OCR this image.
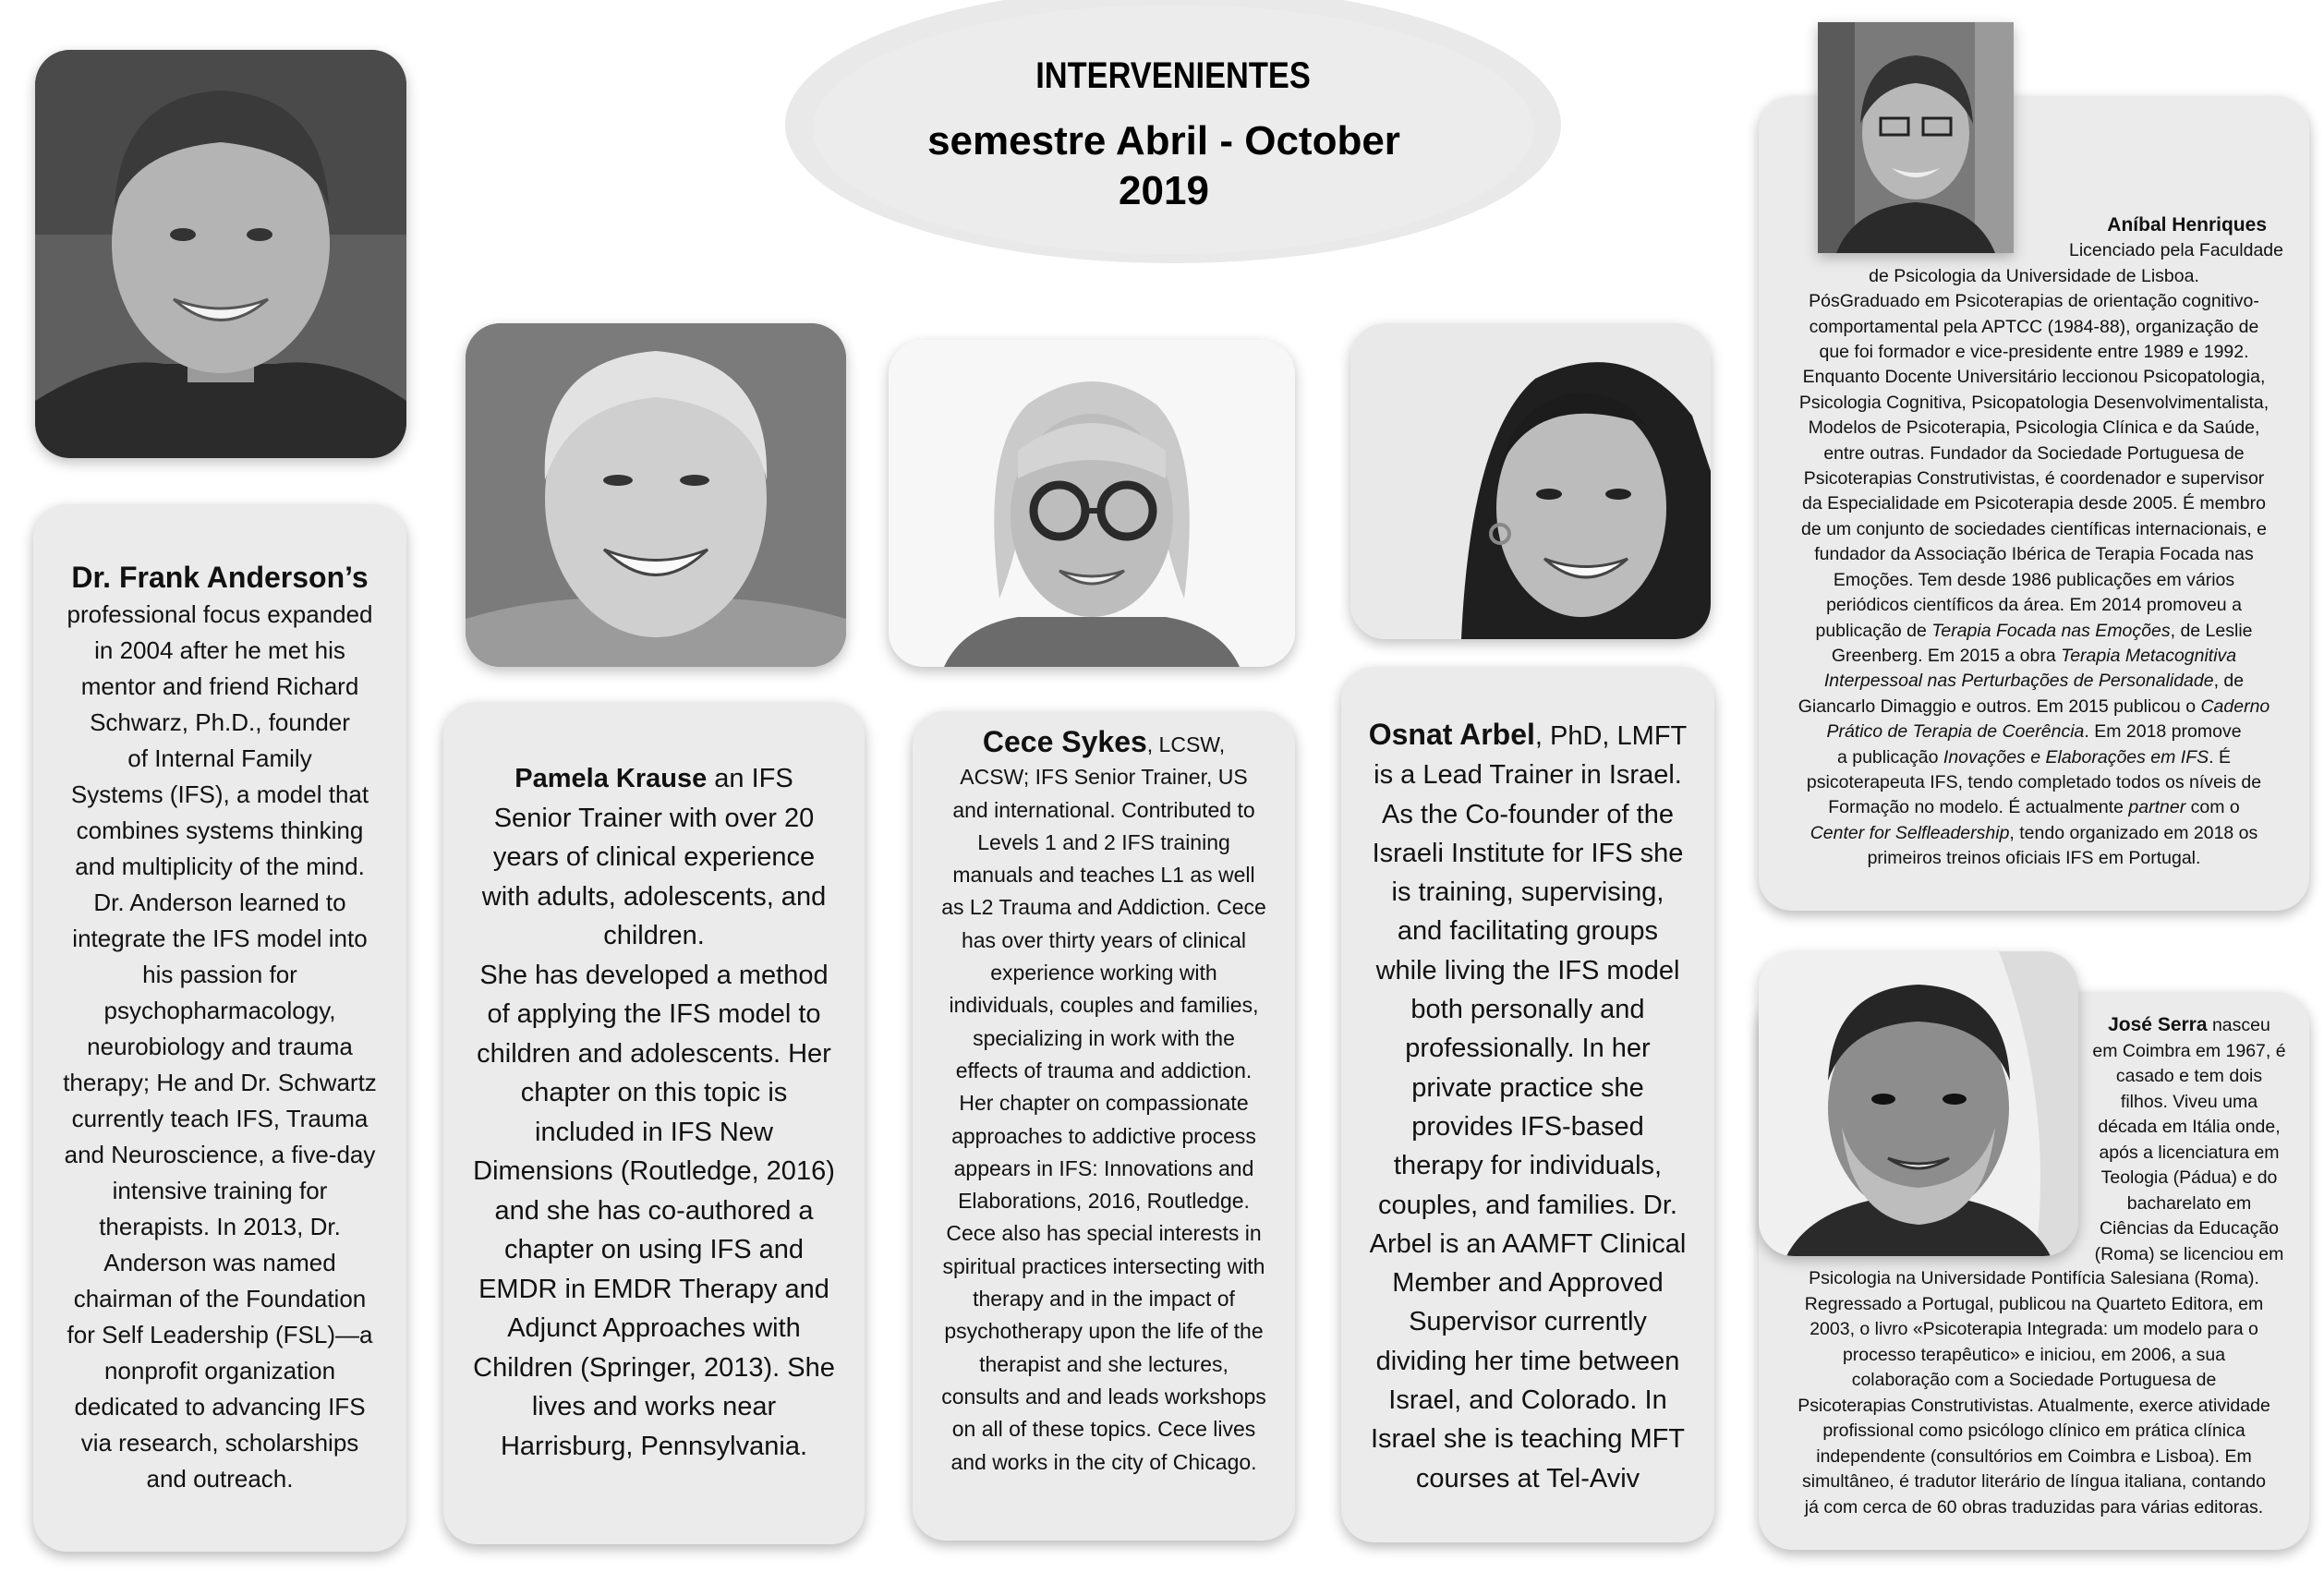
INTERVENIENTES
semestre Abril - October
2019
Dr. Frank Anderson’s

professional focus expanded

in 2004 after he met his

mentor and friend Richard

Schwarz, Ph.D., founder

of Internal Family

Systems (IFS), a model that

combines systems thinking

and multiplicity of the mind.

Dr. Anderson learned to

integrate the IFS model into

his passion for

psychopharmacology,

neurobiology and trauma

therapy; He and Dr. Schwartz

currently teach IFS, Trauma

and Neuroscience, a five-day

intensive training for

therapists. In 2013, Dr.

Anderson was named

chairman of the Foundation

for Self Leadership (FSL)—a

nonprofit organization

dedicated to advancing IFS

via research, scholarships

and outreach.

Pamela Krause an IFS

Senior Trainer with over 20

years of clinical experience

with adults, adolescents, and

children.

She has developed a method

of applying the IFS model to

children and adolescents. Her

chapter on this topic is

included in IFS New

Dimensions (Routledge, 2016)

and she has co-authored a

chapter on using IFS and

EMDR in EMDR Therapy and

Adjunct Approaches with

Children (Springer, 2013). She

lives and works near

Harrisburg, Pennsylvania.

Cece Sykes, LCSW,

ACSW; IFS Senior Trainer, US

and international. Contributed to

Levels 1 and 2 IFS training

manuals and teaches L1 as well

as L2 Trauma and Addiction. Cece

has over thirty years of clinical

experience working with

individuals, couples and families,

specializing in work with the

effects of trauma and addiction.

Her chapter on compassionate

approaches to addictive process

appears in IFS: Innovations and

Elaborations, 2016, Routledge.

Cece also has special interests in

spiritual practices intersecting with

therapy and in the impact of

psychotherapy upon the life of the

therapist and she lectures,

consults and and leads workshops

on all of these topics. Cece lives

and works in the city of Chicago.

Osnat Arbel, PhD, LMFT

is a Lead Trainer in Israel.

As the Co-founder of the

Israeli Institute for IFS she

is training, supervising,

and facilitating groups

while living the IFS model

both personally and

professionally. In her

private practice she

provides IFS-based

therapy for individuals,

couples, and families. Dr.

Arbel is an AAMFT Clinical

Member and Approved

Supervisor currently

dividing her time between

Israel, and Colorado. In

Israel she is teaching MFT

courses at Tel-Aviv

Aníbal Henriques

Licenciado pela Faculdade

de Psicologia da Universidade de Lisboa.

PósGraduado em Psicoterapias de orientação cognitivo-

comportamental pela APTCC (1984-88), organização de

que foi formador e vice-presidente entre 1989 e 1992.

Enquanto Docente Universitário leccionou Psicopatologia,

Psicologia Cognitiva, Psicopatologia Desenvolvimentalista,

Modelos de Psicoterapia, Psicologia Clínica e da Saúde,

entre outras. Fundador da Sociedade Portuguesa de

Psicoterapias Construtivistas, é coordenador e supervisor

da Especialidade em Psicoterapia desde 2005. É membro

de um conjunto de sociedades científicas internacionais, e

fundador da Associação Ibérica de Terapia Focada nas

Emoções. Tem desde 1986 publicações em vários

periódicos científicos da área. Em 2014 promoveu a

publicação de Terapia Focada nas Emoções, de Leslie

Greenberg. Em 2015 a obra Terapia Metacognitiva

Interpessoal nas Perturbações de Personalidade, de

Giancarlo Dimaggio e outros. Em 2015 publicou o Caderno

Prático de Terapia de Coerência. Em 2018 promove

a publicação Inovações e Elaborações em IFS. É

psicoterapeuta IFS, tendo completado todos os níveis de

Formação no modelo. É actualmente partner com o

Center for Selfleadership, tendo organizado em 2018 os

primeiros treinos oficiais IFS em Portugal.

José Serra nasceu

em Coimbra em 1967, é

casado e tem dois

filhos. Viveu uma

década em Itália onde,

após a licenciatura em

Teologia (Pádua) e do

bacharelato em

Ciências da Educação

(Roma) se licenciou em

Psicologia na Universidade Pontifícia Salesiana (Roma).

Regressado a Portugal, publicou na Quarteto Editora, em

2003, o livro «Psicoterapia Integrada: um modelo para o

processo terapêutico» e iniciou, em 2006, a sua

colaboração com a Sociedade Portuguesa de

Psicoterapias Construtivistas. Atualmente, exerce atividade

profissional como psicólogo clínico em prática clínica

independente (consultórios em Coimbra e Lisboa). Em

simultâneo, é tradutor literário de língua italiana, contando

já com cerca de 60 obras traduzidas para várias editoras.
